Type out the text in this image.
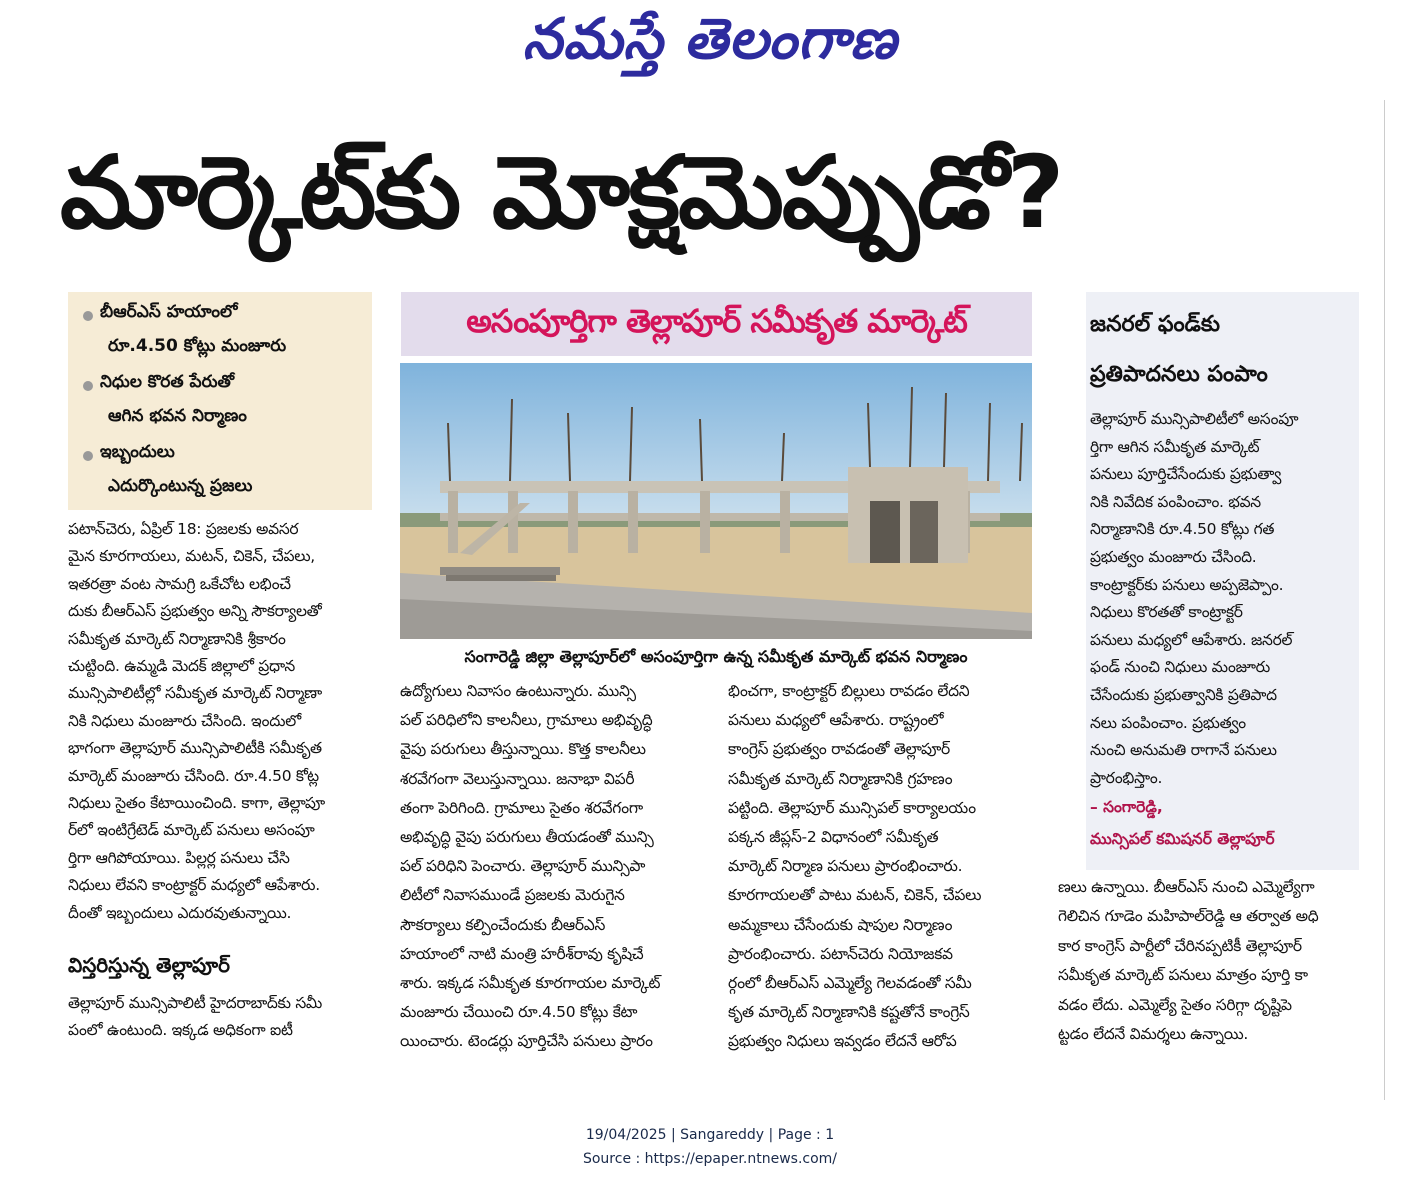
నమస్తే తెలంగాణ
మార్కెట్‌కు మోక్షమెప్పుడో?
బీఆర్‌ఎస్ హయాంలో
రూ.4.50 కోట్లు మంజూరు
నిధుల కొరత పేరుతో
ఆగిన భవన నిర్మాణం
ఇబ్బందులు
ఎదుర్కొంటున్న ప్రజలు
అసంపూర్తిగా తెల్లాపూర్ సమీకృత మార్కెట్
సంగారెడ్డి జిల్లా తెల్లాపూర్‌లో అసంపూర్తిగా ఉన్న సమీకృత మార్కెట్ భవన నిర్మాణం
జనరల్ ఫండ్‌కు
ప్రతిపాదనలు పంపాం
తెల్లాపూర్ మున్సిపాలిటీలో అసంపూ
ర్తిగా ఆగిన సమీకృత మార్కెట్
పనులు పూర్తిచేసేందుకు ప్రభుత్వా
నికి నివేదిక పంపించాం. భవన
నిర్మాణానికి రూ.4.50 కోట్లు గత
ప్రభుత్వం మంజూరు చేసింది.
కాంట్రాక్టర్‌కు పనులు అప్పజెప్పాం.
నిధులు కొరతతో కాంట్రాక్టర్
పనులు మధ్యలో ఆపేశారు. జనరల్
ఫండ్ నుంచి నిధులు మంజూరు
చేసేందుకు ప్రభుత్వానికి ప్రతిపాద
నలు పంపించాం. ప్రభుత్వం
నుంచి అనుమతి రాగానే పనులు
ప్రారంభిస్తాం.
– సంగారెడ్డి,
మున్సిపల్ కమిషనర్ తెల్లాపూర్
పటాన్‌చెరు, ఏప్రిల్ 18: ప్రజలకు అవసర
మైన కూరగాయలు, మటన్, చికెన్, చేపలు,
ఇతరత్రా వంట సామగ్రి ఒకేచోట లభించే
దుకు బీఆర్‌ఎస్ ప్రభుత్వం అన్ని సౌకర్యాలతో
సమీకృత మార్కెట్ నిర్మాణానికి శ్రీకారం
చుట్టింది. ఉమ్మడి మెదక్ జిల్లాలో ప్రధాన
మున్సిపాలిటీల్లో సమీకృత మార్కెట్ నిర్మాణా
నికి నిధులు మంజూరు చేసింది. ఇందులో
భాగంగా తెల్లాపూర్ మున్సిపాలిటీకి సమీకృత
మార్కెట్ మంజూరు చేసింది. రూ.4.50 కోట్ల
నిధులు సైతం కేటాయించింది. కాగా, తెల్లాపూ
ర్‌లో ఇంటిగ్రేటెడ్ మార్కెట్ పనులు అసంపూ
ర్తిగా ఆగిపోయాయి. పిల్లర్ల పనులు చేసి
నిధులు లేవని కాంట్రాక్టర్ మధ్యలో ఆపేశారు.
దీంతో ఇబ్బందులు ఎదురవుతున్నాయి.
విస్తరిస్తున్న తెల్లాపూర్
తెల్లాపూర్ మున్సిపాలిటీ హైదరాబాద్‌కు సమీ
పంలో ఉంటుంది. ఇక్కడ అధికంగా ఐటీ
ఉద్యోగులు నివాసం ఉంటున్నారు. మున్సి
పల్ పరిధిలోని కాలనీలు, గ్రామాలు అభివృద్ధి
వైపు పరుగులు తీస్తున్నాయి. కొత్త కాలనీలు
శరవేగంగా వెలుస్తున్నాయి. జనాభా విపరీ
తంగా పెరిగింది. గ్రామాలు సైతం శరవేగంగా
అభివృద్ధి వైపు పరుగులు తీయడంతో మున్సి
పల్ పరిధిని పెంచారు. తెల్లాపూర్ మున్సిపా
లిటీలో నివాసముండే ప్రజలకు మెరుగైన
సౌకర్యాలు కల్పించేందుకు బీఆర్‌ఎస్
హయాంలో నాటి మంత్రి హరీశ్‌రావు కృషిచే
శారు. ఇక్కడ సమీకృత కూరగాయల మార్కెట్
మంజూరు చేయించి రూ.4.50 కోట్లు కేటా
యించారు. టెండర్లు పూర్తిచేసి పనులు ప్రారం
భించగా, కాంట్రాక్టర్ బిల్లులు రావడం లేదని
పనులు మధ్యలో ఆపేశారు. రాష్ట్రంలో
కాంగ్రెస్ ప్రభుత్వం రావడంతో తెల్లాపూర్
సమీకృత మార్కెట్ నిర్మాణానికి గ్రహణం
పట్టింది. తెల్లాపూర్ మున్సిపల్ కార్యాలయం
పక్కన జీప్లస్-2 విధానంలో సమీకృత
మార్కెట్ నిర్మాణ పనులు ప్రారంభించారు.
కూరగాయలతో పాటు మటన్, చికెన్, చేపలు
అమ్మకాలు చేసేందుకు షాపుల నిర్మాణం
ప్రారంభించారు. పటాన్‌చెరు నియోజకవ
ర్గంలో బీఆర్‌ఎస్ ఎమ్మెల్యే గెలవడంతో సమీ
కృత మార్కెట్ నిర్మాణానికి కష్టతోనే కాంగ్రెస్
ప్రభుత్వం నిధులు ఇవ్వడం లేదనే ఆరోప
ణలు ఉన్నాయి. బీఆర్‌ఎస్ నుంచి ఎమ్మెల్యేగా
గెలిచిన గూడెం మహిపాల్‌రెడ్డి ఆ తర్వాత అధి
కార కాంగ్రెస్ పార్టీలో చేరినప్పటికీ తెల్లాపూర్
సమీకృత మార్కెట్ పనులు మాత్రం పూర్తి కా
వడం లేదు. ఎమ్మెల్యే సైతం సరిగ్గా దృష్టిపె
ట్టడం లేదనే విమర్శలు ఉన్నాయి.
19/04/2025 | Sangareddy | Page : 1
Source : https://epaper.ntnews.com/
